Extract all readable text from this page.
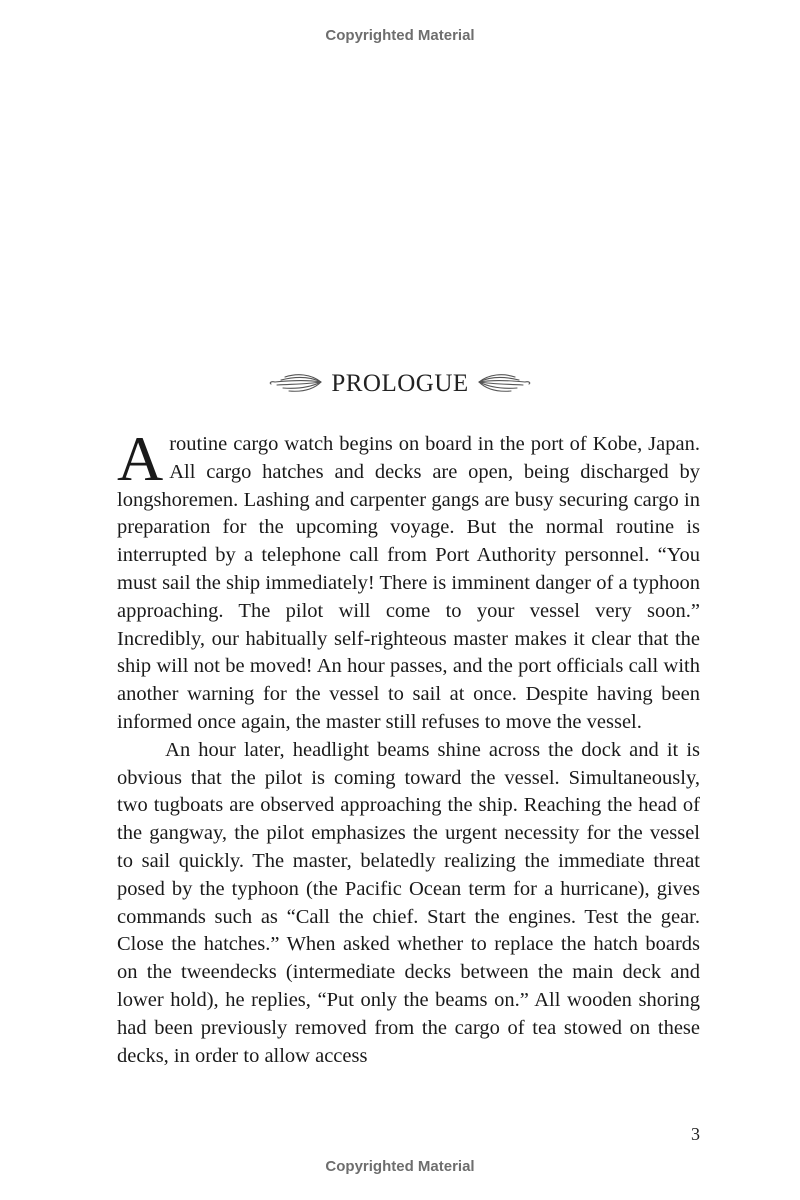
Copyrighted Material
PROLOGUE

A routine cargo watch begins on board in the port of Kobe, Japan. All cargo hatches and decks are open, being discharged by longshoremen. Lashing and carpenter gangs are busy securing cargo in preparation for the upcoming voyage. But the normal routine is interrupted by a telephone call from Port Authority personnel. “You must sail the ship immediately! There is imminent danger of a typhoon approaching. The pilot will come to your vessel very soon.” Incredibly, our habitually self-righteous master makes it clear that the ship will not be moved! An hour passes, and the port officials call with another warning for the vessel to sail at once. Despite having been informed once again, the master still refuses to move the vessel.

An hour later, headlight beams shine across the dock and it is obvious that the pilot is coming toward the vessel. Simultaneously, two tugboats are observed approaching the ship. Reaching the head of the gangway, the pilot emphasizes the urgent necessity for the vessel to sail quickly. The master, belatedly realizing the immediate threat posed by the typhoon (the Pacific Ocean term for a hurricane), gives commands such as “Call the chief. Start the engines. Test the gear. Close the hatches.” When asked whether to replace the hatch boards on the tweendecks (intermediate decks between the main deck and lower hold), he replies, “Put only the beams on.” All wooden shoring had been previously removed from the cargo of tea stowed on these decks, in order to allow access

3
Copyrighted Material
